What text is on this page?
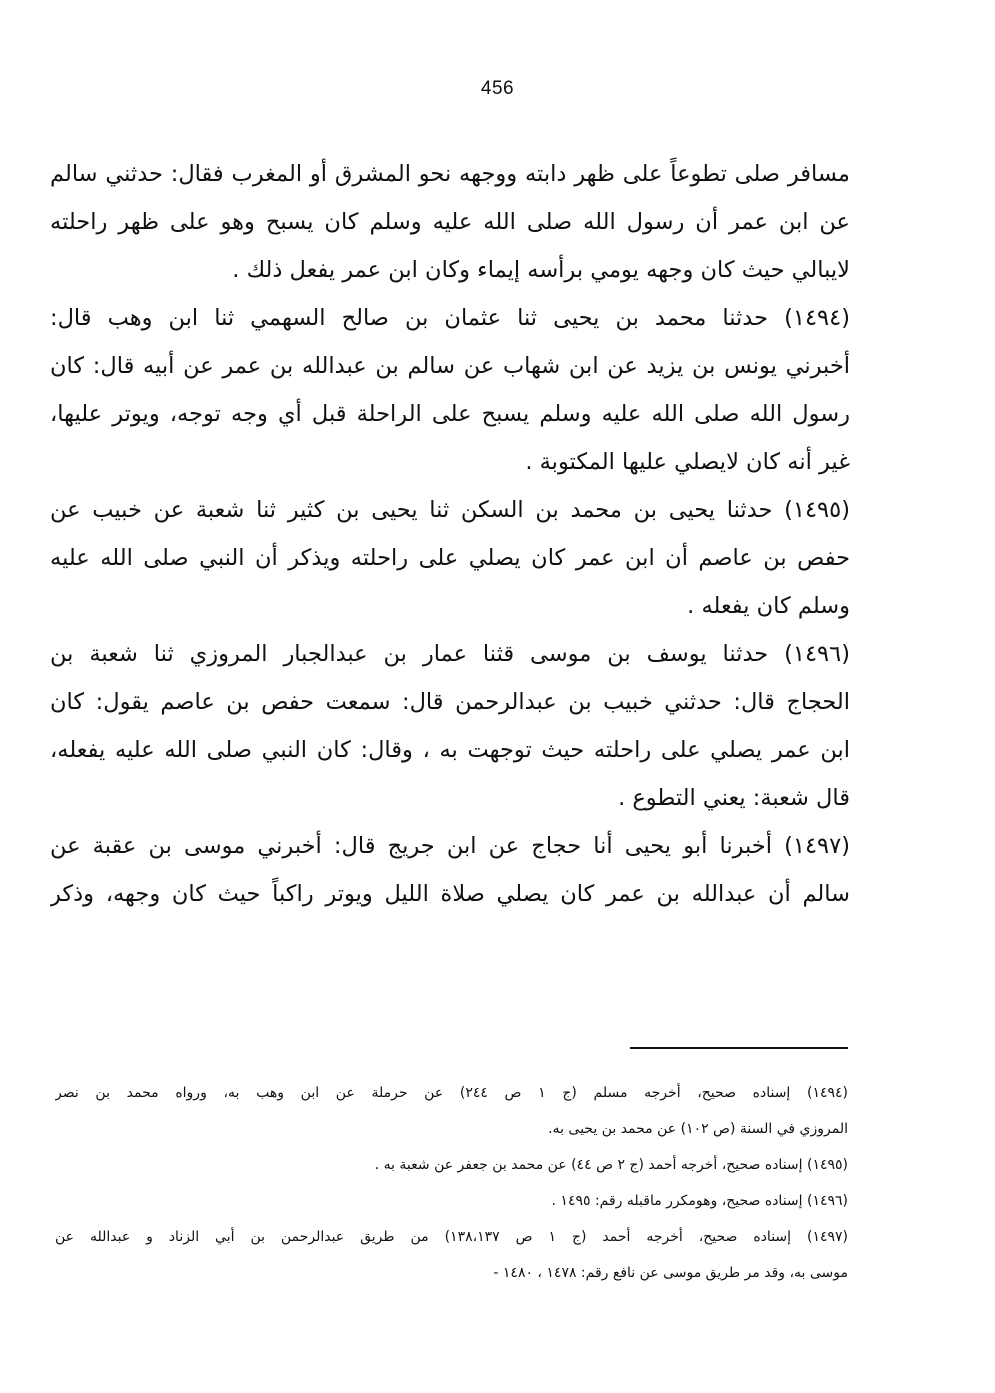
456
مسافر صلى تطوعاً على ظهر دابته ووجهه نحو المشرق أو المغرب فقال: حدثني سالم
عن ابن عمر أن رسول الله صلى الله عليه وسلم كان يسبح وهو على ظهر راحلته
لايبالي حيث كان وجهه يومي برأسه إيماء وكان ابن عمر يفعل ذلك .
(١٤٩٤) حدثنا محمد بن يحيى ثنا عثمان بن صالح السهمي ثنا ابن وهب قال:
أخبرني يونس بن يزيد عن ابن شهاب عن سالم بن عبدالله بن عمر عن أبيه قال: كان
رسول الله صلى الله عليه وسلم يسبح على الراحلة قبل أي وجه توجه، ويوتر عليها،
غير أنه كان لايصلي عليها المكتوبة .
(١٤٩٥) حدثنا يحيى بن محمد بن السكن ثنا يحيى بن كثير ثنا شعبة عن خبيب عن
حفص بن عاصم أن ابن عمر كان يصلي على راحلته ويذكر أن النبي صلى الله عليه
وسلم كان يفعله .
(١٤٩٦) حدثنا يوسف بن موسى قثنا عمار بن عبدالجبار المروزي ثنا شعبة بن
الحجاج قال: حدثني خبيب بن عبدالرحمن قال: سمعت حفص بن عاصم يقول: كان
ابن عمر يصلي على راحلته حيث توجهت به ، وقال: كان النبي صلى الله عليه يفعله،
قال شعبة: يعني التطوع .
(١٤٩٧) أخبرنا أبو يحيى أنا حجاج عن ابن جريج قال: أخبرني موسى بن عقبة عن
سالم أن عبدالله بن عمر كان يصلي صلاة الليل ويوتر راكباً حيث كان وجهه، وذكر
(١٤٩٤) إسناده صحيح، أخرجه مسلم (ج ١ ص ٢٤٤) عن حرملة عن ابن وهب به، ورواه محمد بن نصر
المروزي في السنة (ص ١٠٢) عن محمد بن يحيى به.
(١٤٩٥) إسناده صحيح، أخرجه أحمد (ج ٢ ص ٤٤) عن محمد بن جعفر عن شعبة به .
(١٤٩٦) إسناده صحيح، وهومكرر ماقبله رقم: ١٤٩٥ .
(١٤٩٧) إسناده صحيح، أخرجه أحمد (ج ١ ص ١٣٨،١٣٧) من طريق عبدالرحمن بن أبي الزناد و عبدالله عن
موسى به، وقد مر طريق موسى عن نافع رقم: ١٤٧٨ ، ١٤٨٠ -
